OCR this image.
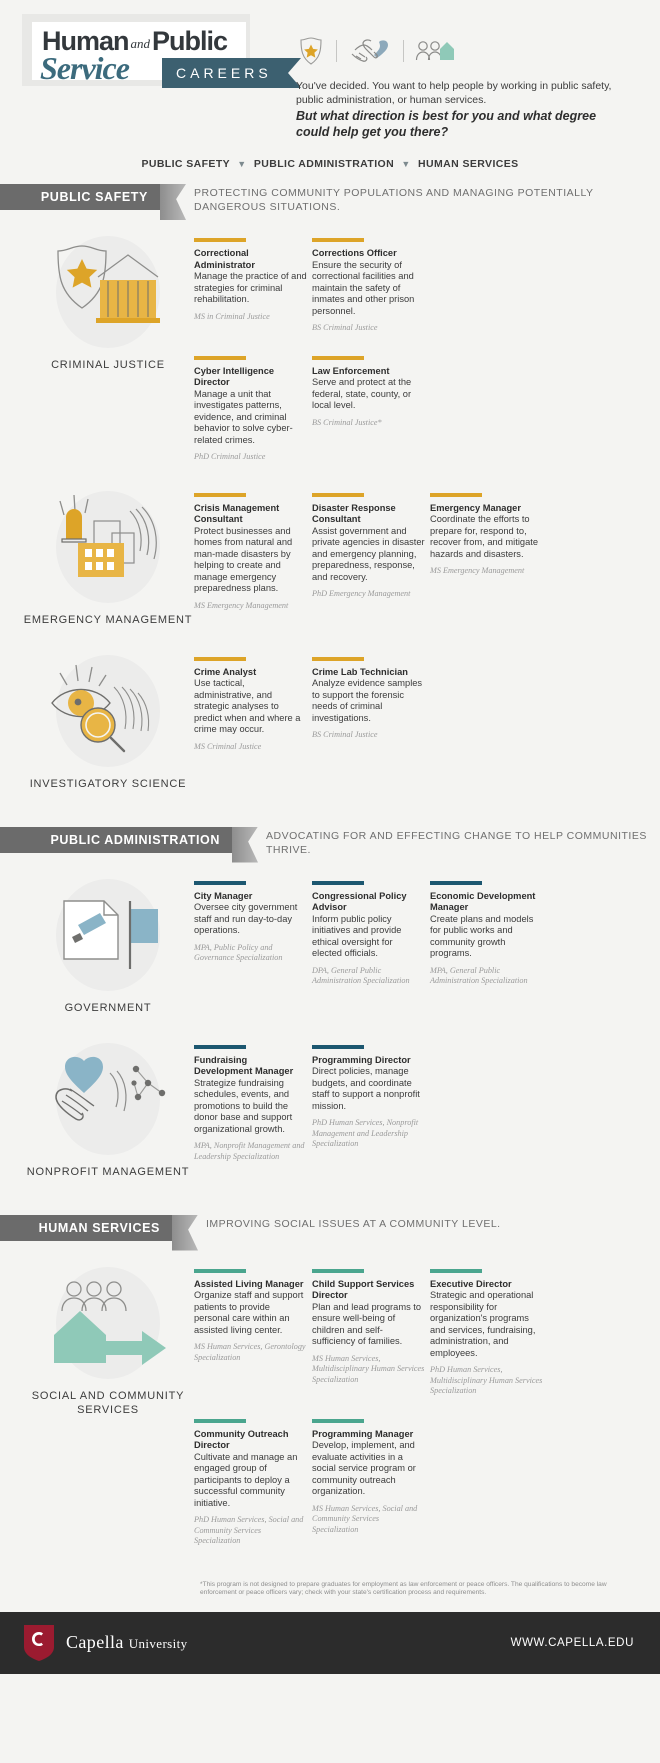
Human andPublic
Service	CAREERS

You've decided. You want to help people by working in public safety, public administration, or human services.

But what direction is best for you and what degree could help get you there?

PUBLIC SAFETY ▼ PUBLIC ADMINISTRATION ▼ HUMAN SERVICES
PUBLIC SAFETY	PROTECTING COMMUNITY POPULATIONS AND MANAGING POTENTIALLY DANGEROUS SITUATIONS.
CRIMINAL JUSTICE
Correctional Administrator

Manage the practice of and strategies for criminal rehabilitation.

MS in Criminal Justice

Corrections Officer

Ensure the security of correctional facilities and maintain the safety of inmates and other prison personnel.

BS Criminal Justice

Cyber Intelligence Director

Manage a unit that investigates patterns, evidence, and criminal behavior to solve cyber-related crimes.

PhD Criminal Justice

Law Enforcement

Serve and protect at the federal, state, county, or local level.

BS Criminal Justice*

EMERGENCY MANAGEMENT
Crisis Management Consultant

Protect businesses and homes from natural and man-made disasters by helping to create and manage emergency preparedness plans.

MS Emergency Management

Disaster Response Consultant

Assist government and private agencies in disaster and emergency planning, preparedness, response, and recovery.

PhD Emergency Management

Emergency Manager

Coordinate the efforts to prepare for, respond to, recover from, and mitigate hazards and disasters.

MS Emergency Management

INVESTIGATORY SCIENCE
Crime Analyst

Use tactical, administrative, and strategic analyses to predict when and where a crime may occur.

MS Criminal Justice

Crime Lab Technician

Analyze evidence samples to support the forensic needs of criminal investigations.

BS Criminal Justice

PUBLIC ADMINISTRATION	ADVOCATING FOR AND EFFECTING CHANGE TO HELP COMMUNITIES THRIVE.
GOVERNMENT
City Manager

Oversee city government staff and run day-to-day operations.

MPA, Public Policy and Governance Specialization

Congressional Policy Advisor

Inform public policy initiatives and provide ethical oversight for elected officials.

DPA, General Public Administration Specialization

Economic Development Manager

Create plans and models for public works and community growth programs.

MPA, General Public Administration Specialization

NONPROFIT MANAGEMENT
Fundraising Development Manager

Strategize fundraising schedules, events, and promotions to build the donor base and support organizational growth.

MPA, Nonprofit Management and Leadership Specialization

Programming Director

Direct policies, manage budgets, and coordinate staff to support a nonprofit mission.

PhD Human Services, Nonprofit Management and Leadership Specialization

HUMAN SERVICES	IMPROVING SOCIAL ISSUES AT A COMMUNITY LEVEL.
SOCIAL AND COMMUNITY SERVICES
Assisted Living Manager

Organize staff and support patients to provide personal care within an assisted living center.

MS Human Services, Gerontology Specialization

Child Support Services Director

Plan and lead programs to ensure well-being of children and self-sufficiency of families.

MS Human Services, Multidisciplinary Human Services Specialization

Executive Director

Strategic and operational responsibility for organization's programs and services, fundraising, administration, and employees.

PhD Human Services, Multidisciplinary Human Services Specialization

Community Outreach Director

Cultivate and manage an engaged group of participants to deploy a successful community initiative.

PhD Human Services, Social and Community Services Specialization

Programming Manager

Develop, implement, and evaluate activities in a social service program or community outreach organization.

MS Human Services, Social and Community Services Specialization

*This program is not designed to prepare graduates for employment as law enforcement or peace officers. The qualifications to become law enforcement or peace officers vary; check with your state's certification process and requirements.
Capella University	WWW.CAPELLA.EDU
